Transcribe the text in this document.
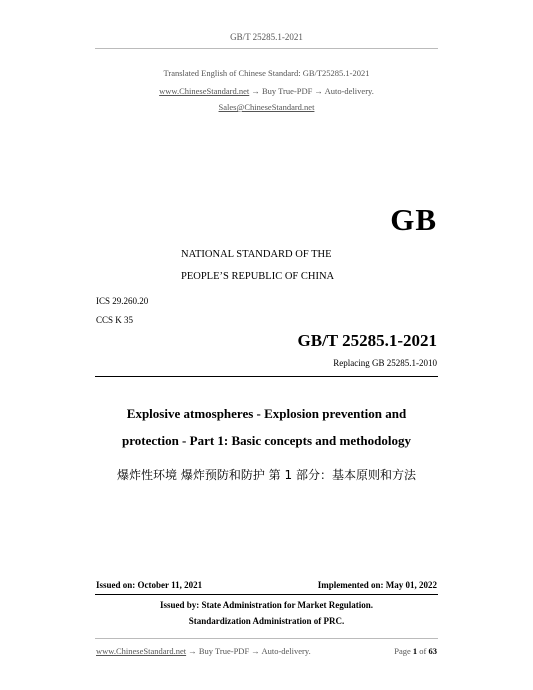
GB/T 25285.1-2021
Translated English of Chinese Standard: GB/T25285.1-2021
www.ChineseStandard.net → Buy True-PDF → Auto-delivery.
Sales@ChineseStandard.net
GB
NATIONAL STANDARD OF THE
PEOPLE’S REPUBLIC OF CHINA
ICS 29.260.20
CCS K 35
GB/T 25285.1-2021
Replacing GB 25285.1-2010
Explosive atmospheres - Explosion prevention and
protection - Part 1: Basic concepts and methodology
爆炸性环境 爆炸预防和防护 第 1 部分：基本原则和方法
Issued on: October 11, 2021	Implemented on: May 01, 2022
Issued by: State Administration for Market Regulation.
Standardization Administration of PRC.
www.ChineseStandard.net → Buy True-PDF → Auto-delivery.	Page 1 of 63
